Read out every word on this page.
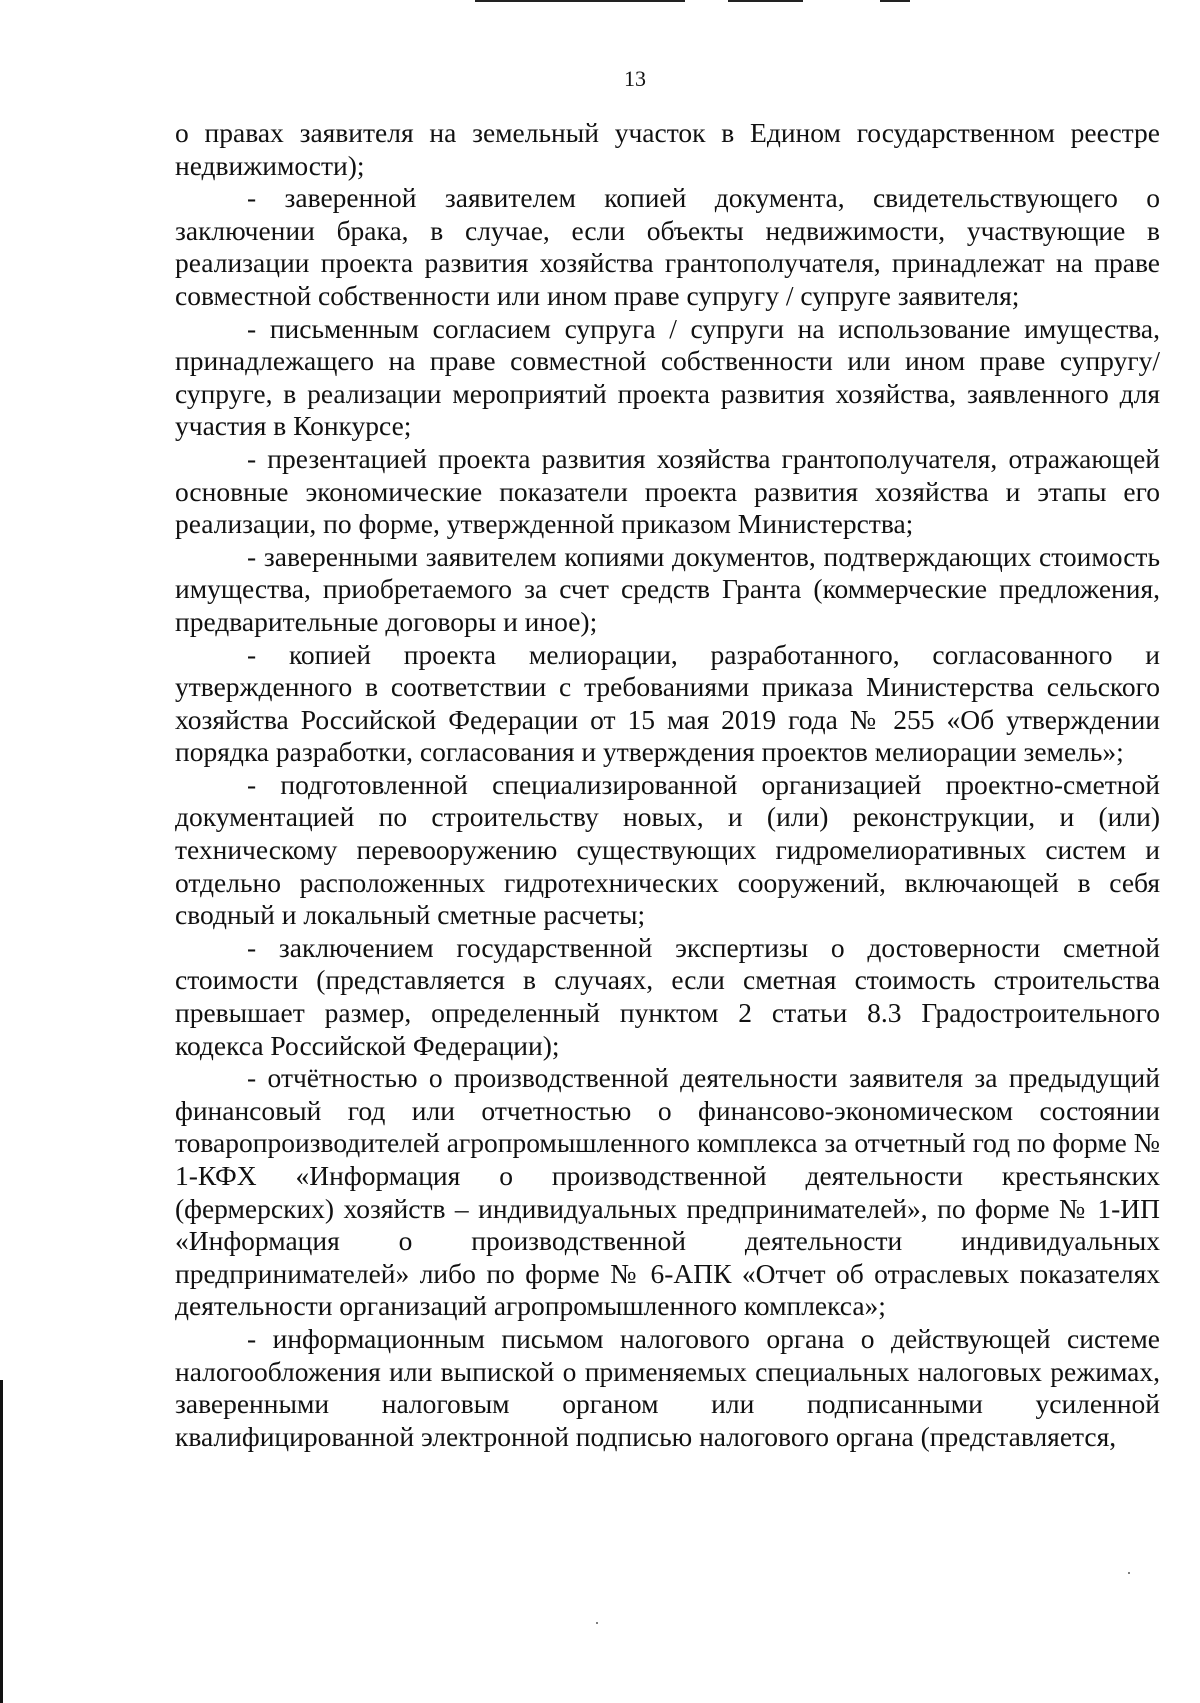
13

о правах заявителя на земельный участок в Едином государственном реестре недвижимости);

- заверенной заявителем копией документа, свидетельствующего о заключении брака, в случае, если объекты недвижимости, участвующие в реализации проекта развития хозяйства грантополучателя, принадлежат на праве совместной собственности или ином праве супругу / супруге заявителя;

- письменным согласием супруга / супруги на использование имущества, принадлежащего на праве совместной собственности или ином праве супругу/супруге, в реализации мероприятий проекта развития хозяйства, заявленного для участия в Конкурсе;

- презентацией проекта развития хозяйства грантополучателя, отражающей основные экономические показатели проекта развития хозяйства и этапы его реализации, по форме, утвержденной приказом Министерства;

- заверенными заявителем копиями документов, подтверждающих стоимость имущества, приобретаемого за счет средств Гранта (коммерческие предложения, предварительные договоры и иное);

- копией проекта мелиорации, разработанного, согласованного и утвержденного в соответствии с требованиями приказа Министерства сельского хозяйства Российской Федерации от 15 мая 2019 года № 255 «Об утверждении порядка разработки, согласования и утверждения проектов мелиорации земель»;

- подготовленной специализированной организацией проектно-сметной документацией по строительству новых, и (или) реконструкции, и (или) техническому перевооружению существующих гидромелиоративных систем и отдельно расположенных гидротехнических сооружений, включающей в себя сводный и локальный сметные расчеты;

- заключением государственной экспертизы о достоверности сметной стоимости (представляется в случаях, если сметная стоимость строительства превышает размер, определенный пунктом 2 статьи 8.3 Градостроительного кодекса Российской Федерации);

- отчётностью о производственной деятельности заявителя за предыдущий финансовый год или отчетностью о финансово-экономическом состоянии товаропроизводителей агропромышленного комплекса за отчетный год по форме № 1-КФХ «Информация о производственной деятельности крестьянских (фермерских) хозяйств – индивидуальных предпринимателей», по форме № 1-ИП «Информация о производственной деятельности индивидуальных предпринимателей» либо по форме № 6-АПК «Отчет об отраслевых показателях деятельности организаций агропромышленного комплекса»;

- информационным письмом налогового органа о действующей системе налогообложения или выпиской о применяемых специальных налоговых режимах, заверенными налоговым органом или подписанными усиленной квалифицированной электронной подписью налогового органа (представляется,
